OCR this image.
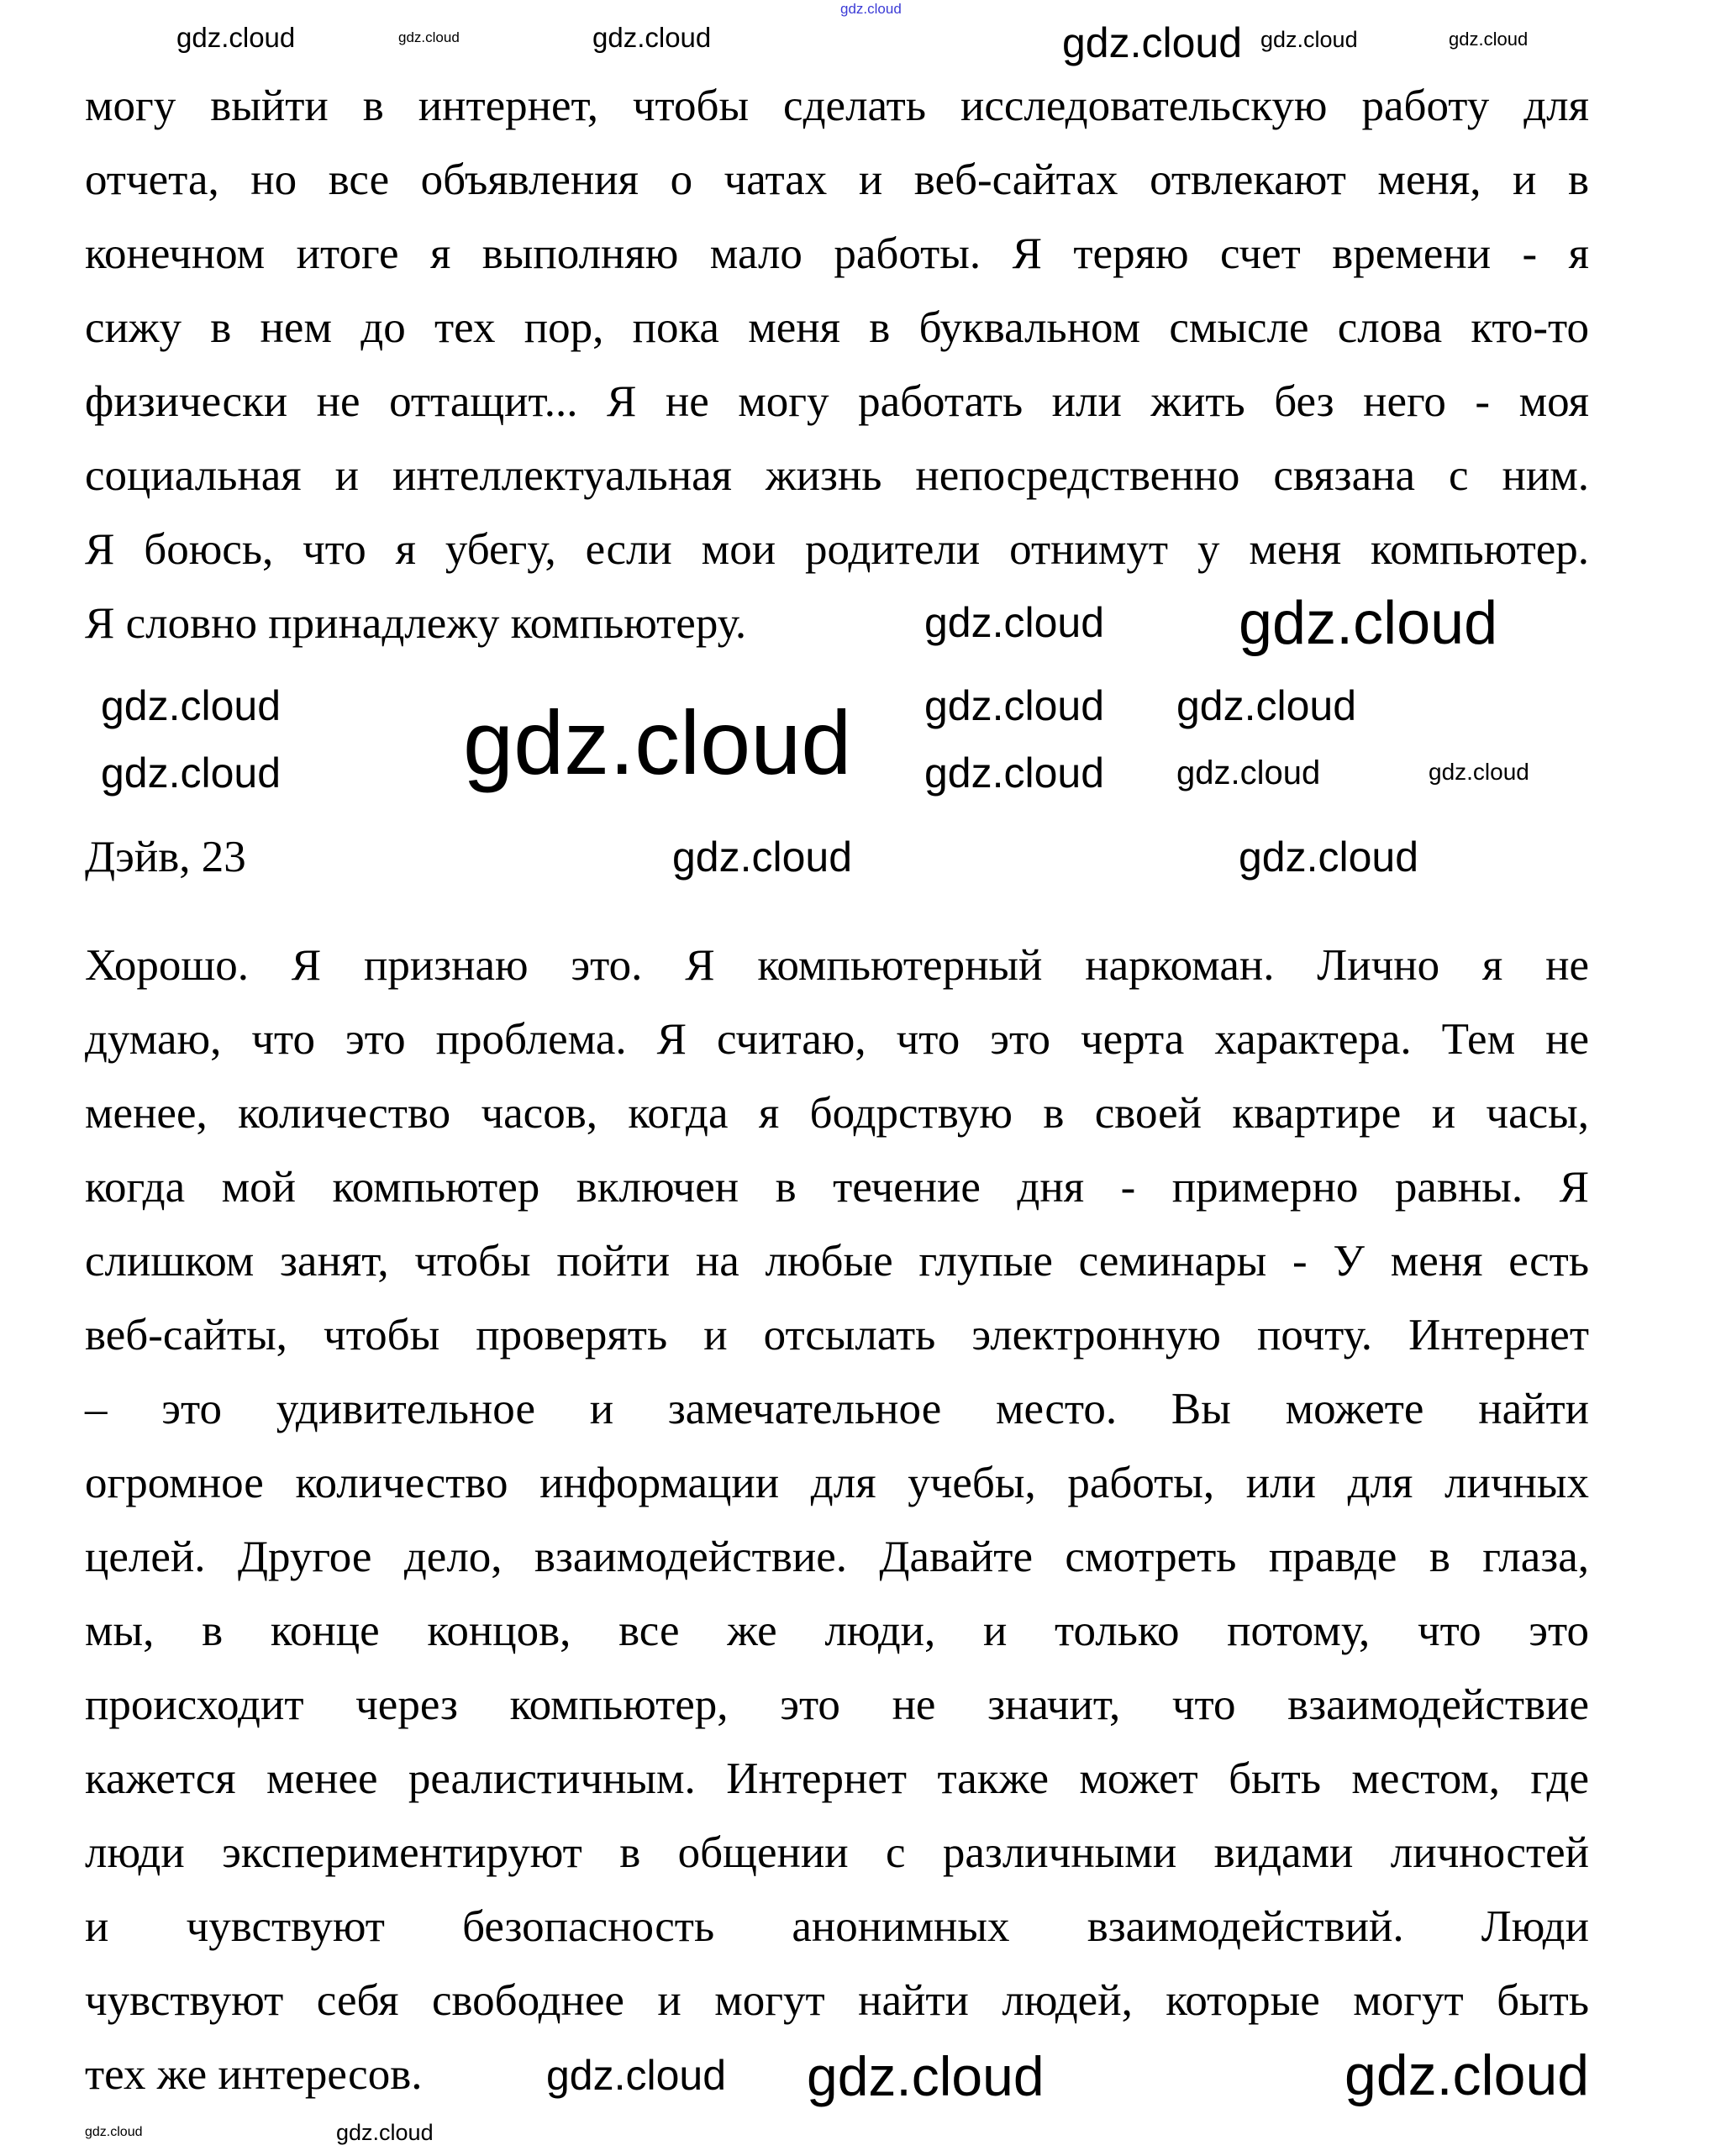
gdz.cloud
могу выйти в интернет, чтобы сделать исследовательскую работу для
отчета, но все объявления о чатах и веб-сайтах отвлекают меня, и в
конечном итоге я выполняю мало работы. Я теряю счет времени - я
сижу в нем до тех пор, пока меня в буквальном смысле слова кто-то
физически не оттащит... Я не могу работать или жить без него - моя
социальная и интеллектуальная жизнь непосредственно связана с ним.
Я боюсь, что я убегу, если мои родители отнимут у меня компьютер.
Я словно принадлежу компьютеру.
Дэйв, 23
Хорошо. Я признаю это. Я компьютерный наркоман. Лично я не
думаю, что это проблема. Я считаю, что это черта характера. Тем не
менее, количество часов, когда я бодрствую в своей квартире и часы,
когда мой компьютер включен в течение дня - примерно равны. Я
слишком занят, чтобы пойти на любые глупые семинары - У меня есть
веб-сайты, чтобы проверять и отсылать электронную почту. Интернет
– это удивительное и замечательное место. Вы можете найти
огромное количество информации для учебы, работы, или для личных
целей. Другое дело, взаимодействие. Давайте смотреть правде в глаза,
мы, в конце концов, все же люди, и только потому, что это
происходит через компьютер, это не значит, что взаимодействие
кажется менее реалистичным. Интернет также может быть местом, где
люди экспериментируют в общении с различными видами личностей
и чувствуют безопасность анонимных взаимодействий. Люди
чувствуют себя свободнее и могут найти людей, которые могут быть
тех же интересов.
gdz.cloud	gdz.cloud	gdz.cloud	gdz.cloud gdz.cloud	gdz.cloud
gdz.cloud gdz.cloud
gdz.cloud	gdz.cloud gdz.cloud
gdz.cloud
gdz.cloud	gdz.cloud gdz.cloud	gdz.cloud
gdz.cloud	gdz.cloud
gdz.cloud gdz.cloud	gdz.cloud
gdz.cloud	gdz.cloud
